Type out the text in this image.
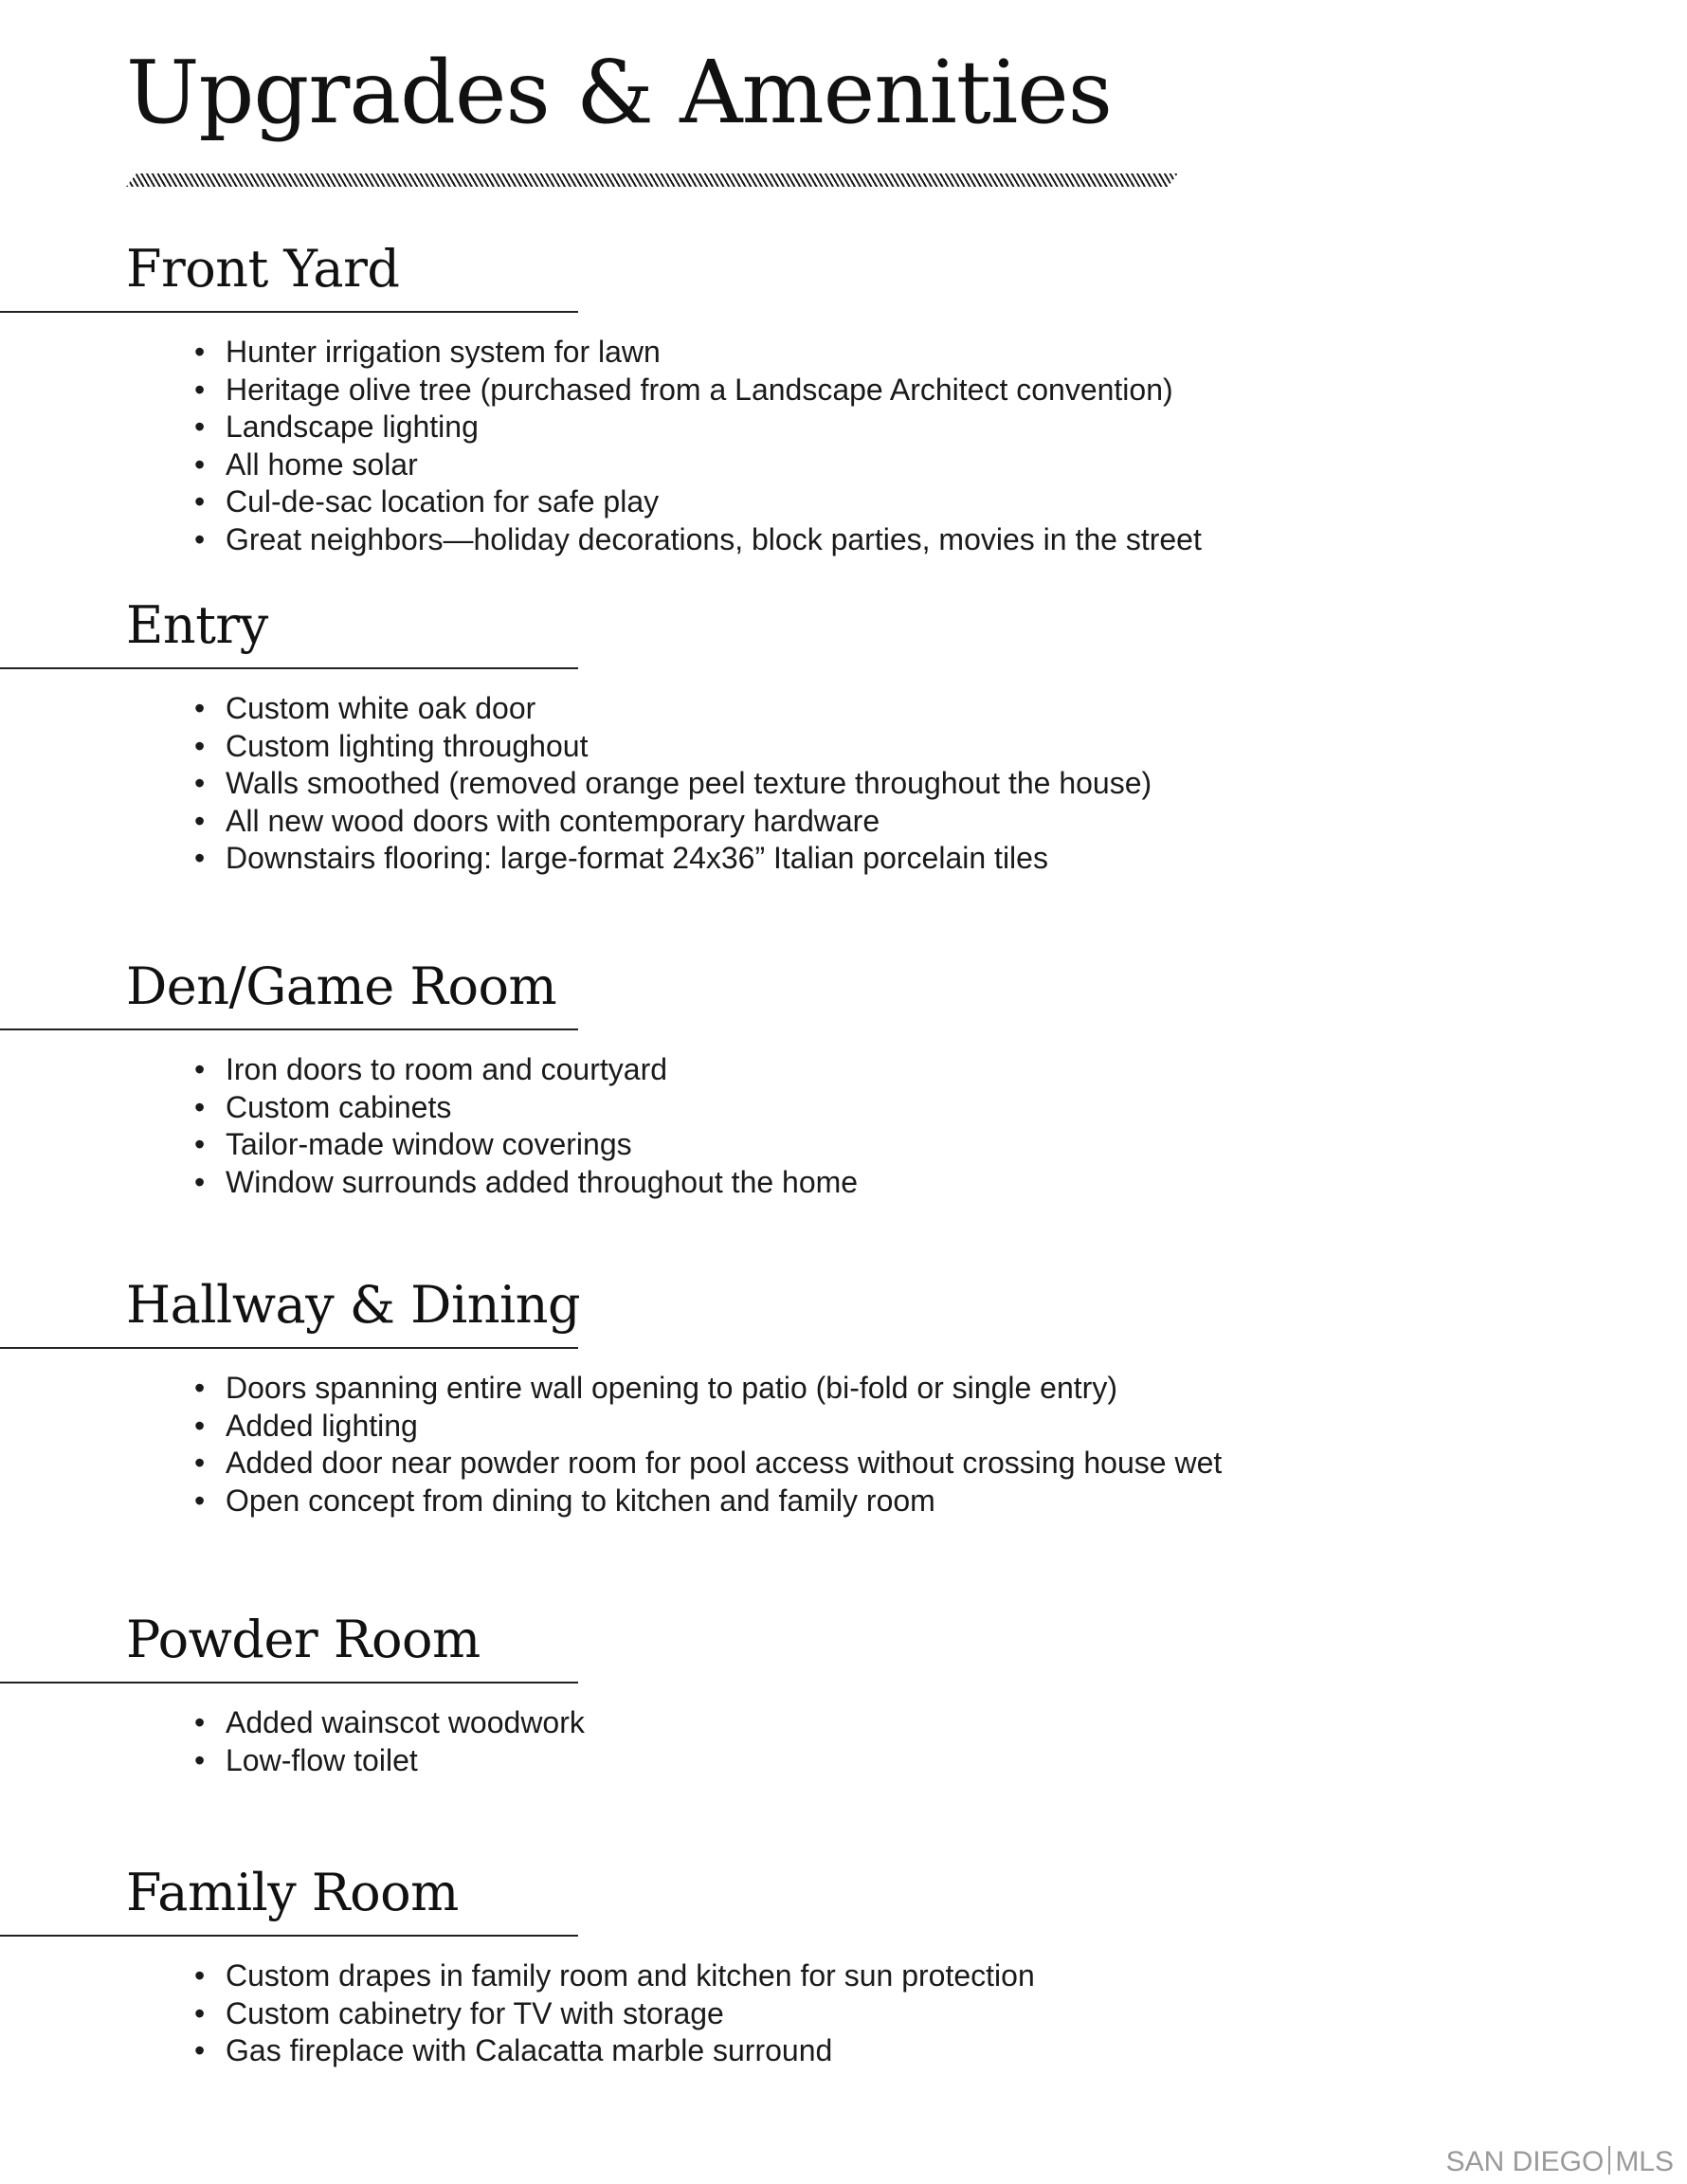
Upgrades & Amenities
Front Yard
• Hunter irrigation system for lawn
• Heritage olive tree (purchased from a Landscape Architect convention)
• Landscape lighting
• All home solar
• Cul-de-sac location for safe play
• Great neighbors—holiday decorations, block parties, movies in the street
Entry
• Custom white oak door
• Custom lighting throughout
• Walls smoothed (removed orange peel texture throughout the house)
• All new wood doors with contemporary hardware
• Downstairs flooring: large-format 24x36” Italian porcelain tiles
Den/Game Room
• Iron doors to room and courtyard
• Custom cabinets
• Tailor-made window coverings
• Window surrounds added throughout the home
Hallway & Dining
• Doors spanning entire wall opening to patio (bi-fold or single entry)
• Added lighting
• Added door near powder room for pool access without crossing house wet
• Open concept from dining to kitchen and family room
Powder Room
• Added wainscot woodwork
• Low-flow toilet
Family Room
• Custom drapes in family room and kitchen for sun protection
• Custom cabinetry for TV with storage
• Gas fireplace with Calacatta marble surround
SAN DIEGO MLS
